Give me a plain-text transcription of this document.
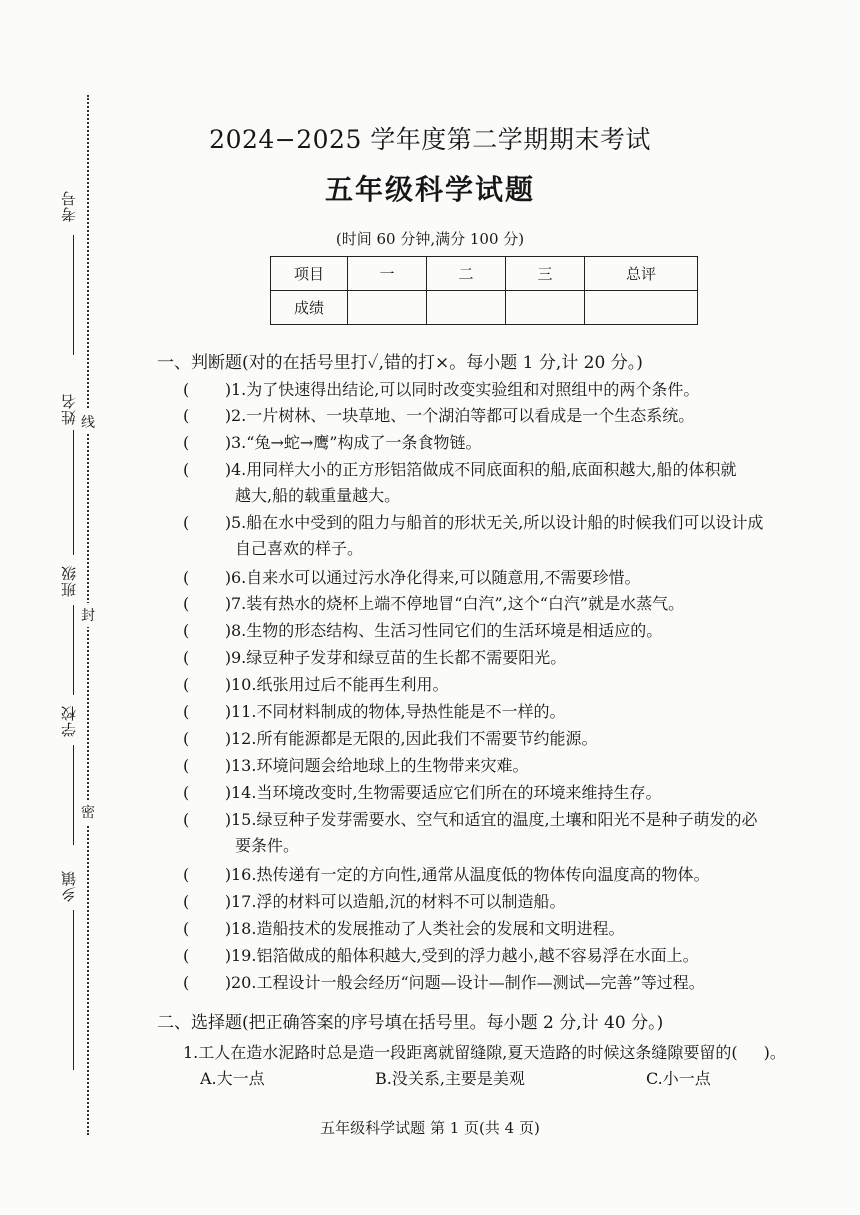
考号
姓名
班级
学校
乡镇
线
封
密
2024−2025 学年度第二学期期末考试
五年级科学试题
(时间 60 分钟,满分 100 分)
项目	一	二	三	总评
成绩				
一、判断题(对的在括号里打✓,错的打×。每小题 1 分,计 20 分。)
(       ) 1.为了快速得出结论,可以同时改变实验组和对照组中的两个条件。
(       ) 2.一片树林、一块草地、一个湖泊等都可以看成是一个生态系统。
(       ) 3.“兔→蛇→鹰”构成了一条食物链。
(       ) 4.用同样大小的正方形铝箔做成不同底面积的船,底面积越大,船的体积就
越大,船的载重量越大。
(       ) 5.船在水中受到的阻力与船首的形状无关,所以设计船的时候我们可以设计成
自己喜欢的样子。
(       ) 6.自来水可以通过污水净化得来,可以随意用,不需要珍惜。
(       ) 7.装有热水的烧杯上端不停地冒“白汽”,这个“白汽”就是水蒸气。
(       ) 8.生物的形态结构、生活习性同它们的生活环境是相适应的。
(       ) 9.绿豆种子发芽和绿豆苗的生长都不需要阳光。
(       ) 10.纸张用过后不能再生利用。
(       ) 11.不同材料制成的物体,导热性能是不一样的。
(       ) 12.所有能源都是无限的,因此我们不需要节约能源。
(       ) 13.环境问题会给地球上的生物带来灾难。
(       ) 14.当环境改变时,生物需要适应它们所在的环境来维持生存。
(       ) 15.绿豆种子发芽需要水、空气和适宜的温度,土壤和阳光不是种子萌发的必
要条件。
(       ) 16.热传递有一定的方向性,通常从温度低的物体传向温度高的物体。
(       ) 17.浮的材料可以造船,沉的材料不可以制造船。
(       ) 18.造船技术的发展推动了人类社会的发展和文明进程。
(       ) 19.铝箔做成的船体积越大,受到的浮力越小,越不容易浮在水面上。
(       ) 20.工程设计一般会经历“问题—设计—制作—测试—完善”等过程。
二、选择题(把正确答案的序号填在括号里。每小题 2 分,计 40 分。)
1.工人在造水泥路时总是造一段距离就留缝隙,夏天造路的时候这条缝隙要留的( )。
A.大一点	B.没关系,主要是美观	C.小一点
五年级科学试题 第 1 页(共 4 页)
